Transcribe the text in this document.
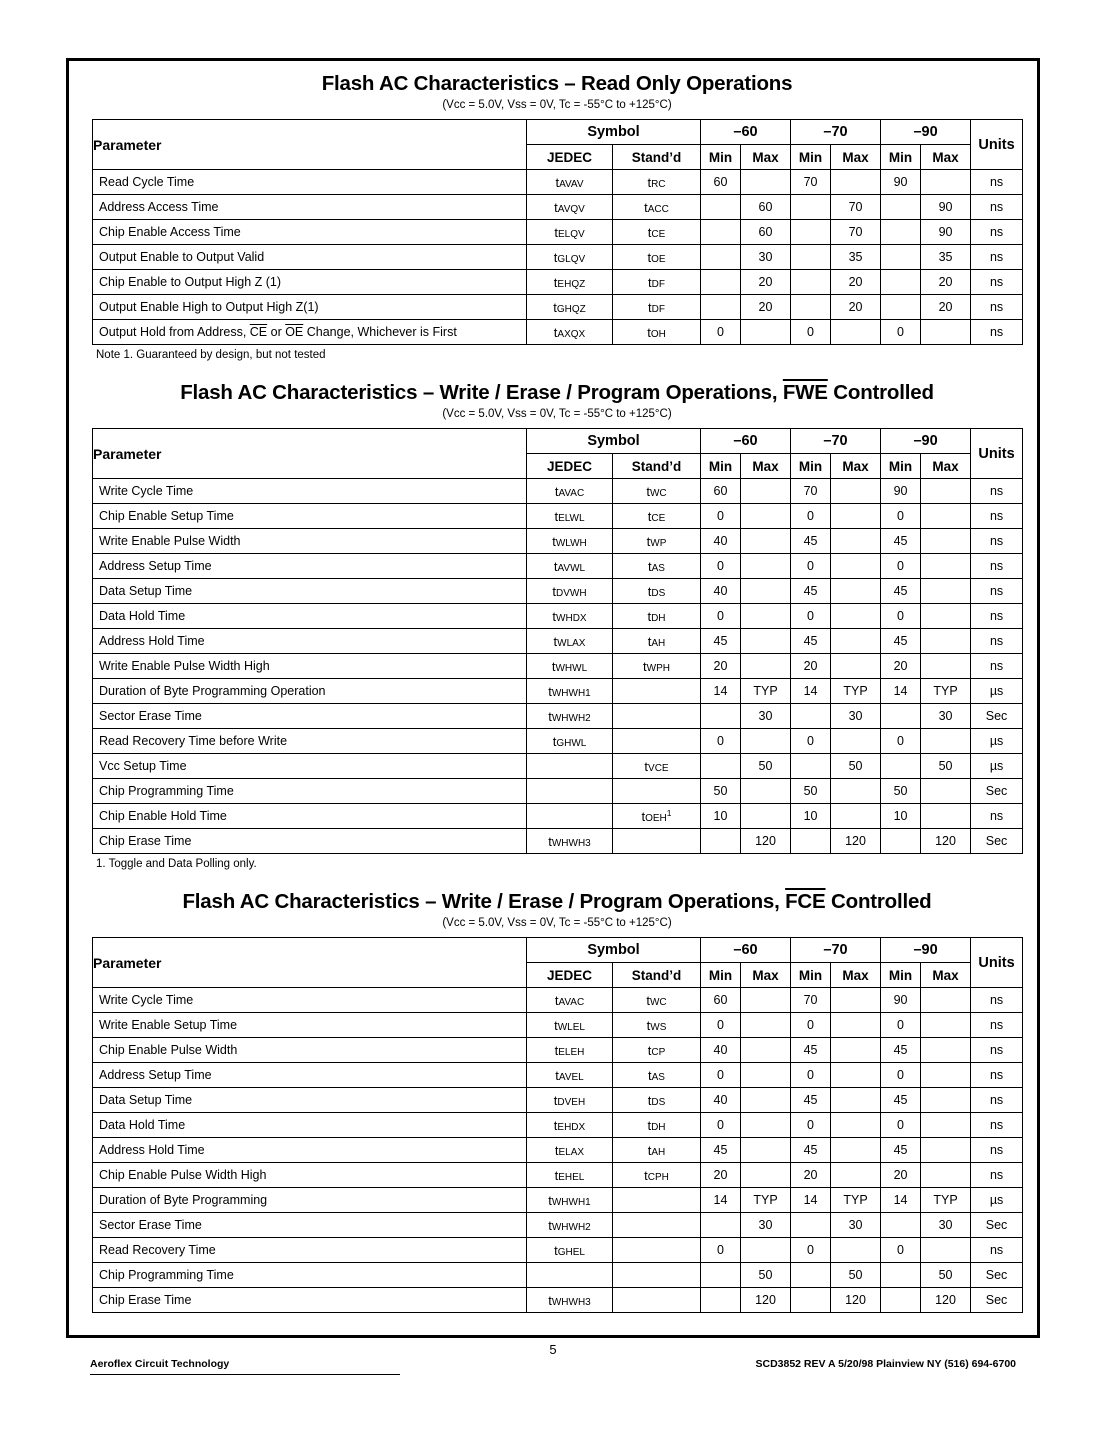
Flash AC Characteristics – Read Only Operations
(Vcc = 5.0V, Vss = 0V, Tc = -55°C to +125°C)
Parameter	Symbol		–60		–70		–90		Units
	JEDEC	Stand’d	Min	Max	Min	Max	Min	Max	
Read Cycle Time	tAVAV	tRC	60		70		90		ns
Address Access Time	tAVQV	tACC		60		70		90	ns
Chip Enable Access Time	tELQV	tCE		60		70		90	ns
Output Enable to Output Valid	tGLQV	tOE		30		35		35	ns
Chip Enable to Output High Z (1)	tEHQZ	tDF		20		20		20	ns
Output Enable High to Output High Z(1)	tGHQZ	tDF		20		20		20	ns
Output Hold from Address, $\overline{CE}$ or $\overline{OE}$ Change, Whichever is First	tAXQX	tOH	0		0		0		ns
Note 1. Guaranteed by design, but not tested
Flash AC Characteristics – Write / Erase / Program Operations, FWE Controlled
(Vcc = 5.0V, Vss = 0V, Tc = -55°C to +125°C)
Parameter	Symbol		–60		–70		–90		Units
	JEDEC	Stand’d	Min	Max	Min	Max	Min	Max	
Write Cycle Time	tAVAC	tWC	60		70		90		ns
Chip Enable Setup Time	tELWL	tCE	0		0		0		ns
Write Enable Pulse Width	tWLWH	tWP	40		45		45		ns
Address Setup Time	tAVWL	tAS	0		0		0		ns
Data Setup Time	tDVWH	tDS	40		45		45		ns
Data Hold Time	tWHDX	tDH	0		0		0		ns
Address Hold Time	tWLAX	tAH	45		45		45		ns
Write Enable Pulse Width High	tWHWL	tWPH	20		20		20		ns
Duration of Byte Programming Operation	tWHWH1		14	TYP	14	TYP	14	TYP	µs
Sector Erase Time	tWHWH2			30		30		30	Sec
Read Recovery Time before Write	tGHWL		0		0		0		µs
Vcc Setup Time		tVCE		50		50		50	µs
Chip Programming Time			50		50		50		Sec
Chip Enable Hold Time		tOEH$^1$	10		10		10		ns
Chip Erase Time	tWHWH3			120		120		120	Sec
1. Toggle and Data Polling only.
Flash AC Characteristics – Write / Erase / Program Operations, FCE Controlled
(Vcc = 5.0V, Vss = 0V, Tc = -55°C to +125°C)
Parameter	Symbol		–60		–70		–90		Units
	JEDEC	Stand’d	Min	Max	Min	Max	Min	Max	
Write Cycle Time	tAVAC	tWC	60		70		90		ns
Write Enable Setup Time	tWLEL	tWS	0		0		0		ns
Chip Enable Pulse Width	tELEH	tCP	40		45		45		ns
Address Setup Time	tAVEL	tAS	0		0		0		ns
Data Setup Time	tDVEH	tDS	40		45		45		ns
Data Hold Time	tEHDX	tDH	0		0		0		ns
Address Hold Time	tELAX	tAH	45		45		45		ns
Chip Enable Pulse Width High	tEHEL	tCPH	20		20		20		ns
Duration of Byte Programming	tWHWH1		14	TYP	14	TYP	14	TYP	µs
Sector Erase Time	tWHWH2			30		30		30	Sec
Read Recovery Time	tGHEL		0		0		0		ns
Chip Programming Time				50		50		50	Sec
Chip Erase Time	tWHWH3			120		120		120	Sec
Aeroflex Circuit Technology
5
SCD3852 REV A 5/20/98 Plainview NY (516) 694-6700
